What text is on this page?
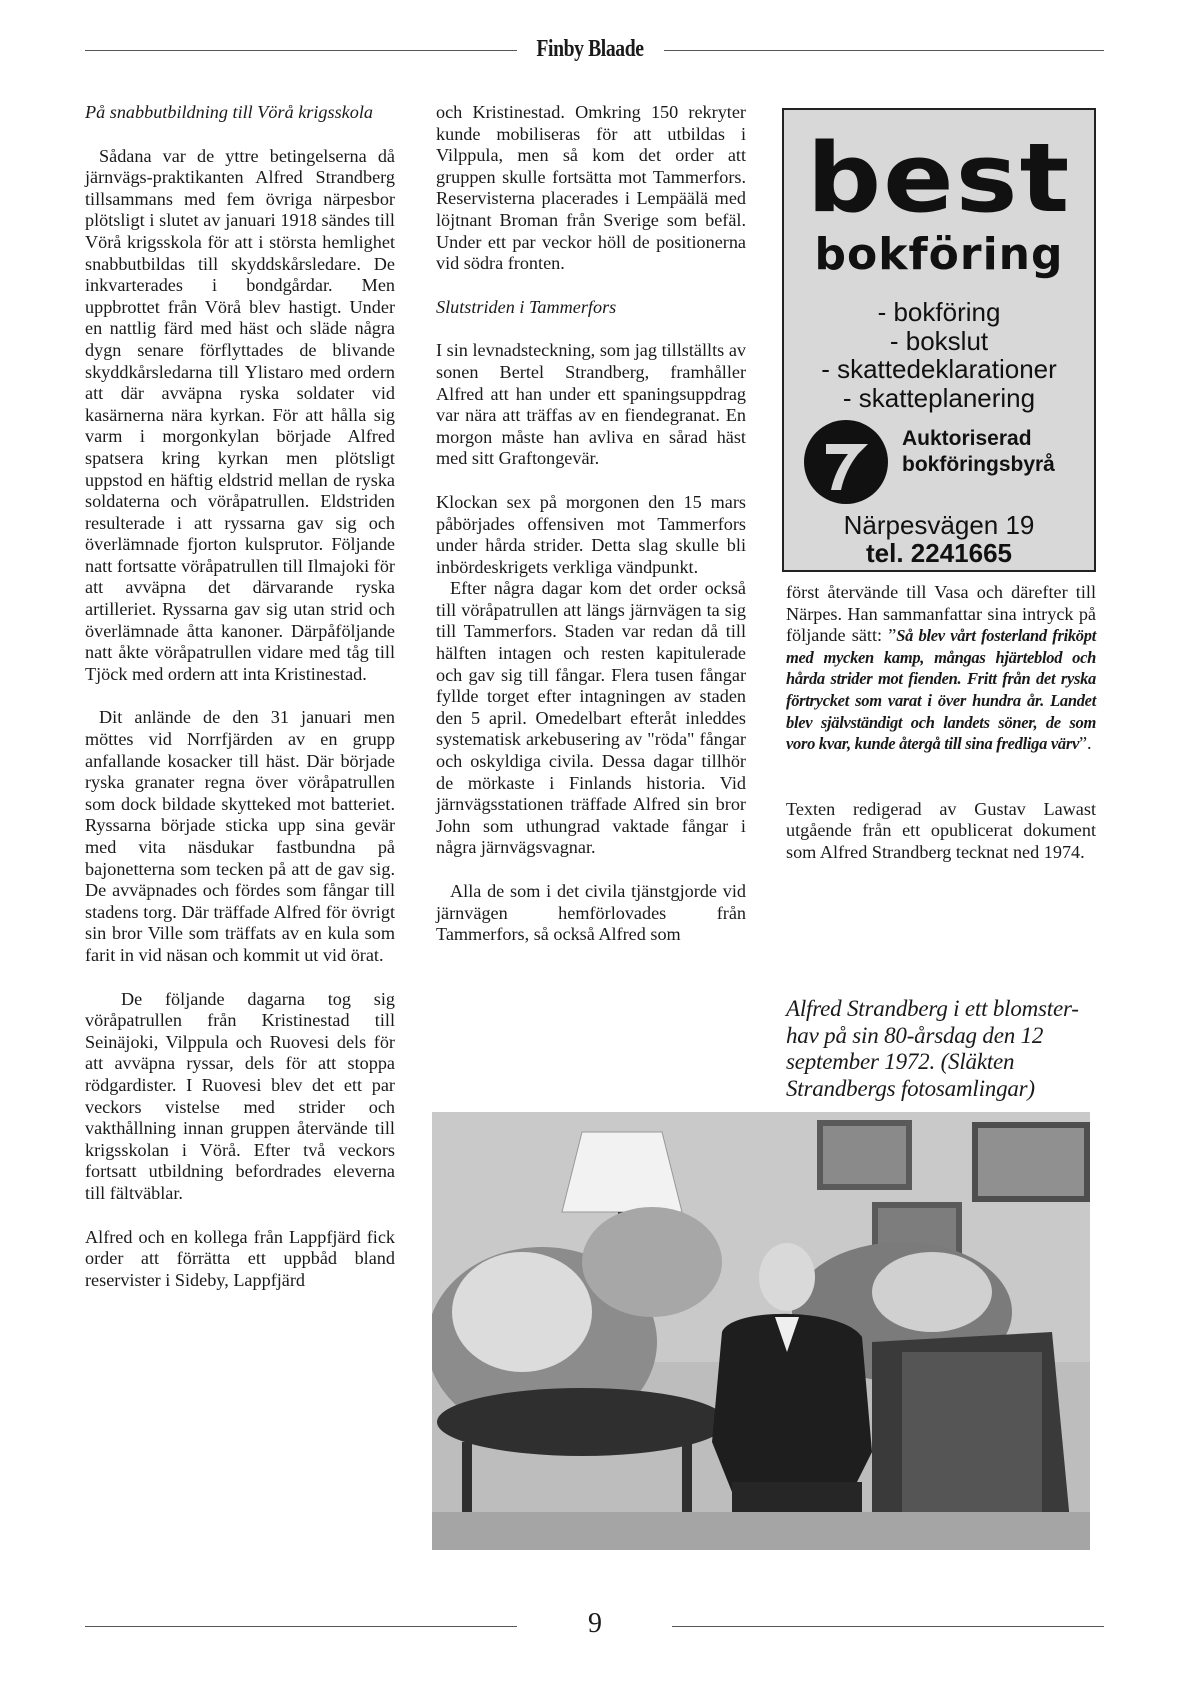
Finby Blaade

På snabbutbildning till Vörå krigsskola

Sådana var de yttre betingelserna då järnvägs-praktikanten Alfred Strandberg tillsammans med fem övriga närpesbor plötsligt i slutet av januari 1918 sändes till Vörå krigsskola för att i största hemlighet snabbutbildas till skyddskårsledare. De inkvarterades i bondgårdar. Men uppbrottet från Vörå blev hastigt. Under en nattlig färd med häst och släde några dygn senare förflyttades de blivande skyddkårsledarna till Ylistaro med ordern att där avväpna ryska soldater vid kasärnerna nära kyrkan. För att hålla sig varm i morgonkylan började Alfred spatsera kring kyrkan men plötsligt uppstod en häftig eldstrid mellan de ryska soldaterna och vöråpatrullen. Eldstriden resulterade i att ryssarna gav sig och överlämnade fjorton kulsprutor. Följande natt fortsatte vöråpatrullen till Ilmajoki för att avväpna det därvarande ryska artilleriet. Ryssarna gav sig utan strid och överlämnade åtta kanoner. Därpåföljande natt åkte vöråpatrullen vidare med tåg till Tjöck med ordern att inta Kristinestad.

Dit anlände de den 31 januari men möttes vid Norrfjärden av en grupp anfallande kosacker till häst. Där började ryska granater regna över vöråpatrullen som dock bildade skytteked mot batteriet. Ryssarna började sticka upp sina gevär med vita näsdukar fastbundna på bajonetterna som tecken på att de gav sig. De avväpnades och fördes som fångar till stadens torg. Där träffade Alfred för övrigt sin bror Ville som träffats av en kula som farit in vid näsan och kommit ut vid örat.

De följande dagarna tog sig vöråpatrullen från Kristinestad till Seinäjoki, Vilppula och Ruovesi dels för att avväpna ryssar, dels för att stoppa rödgardister. I Ruovesi blev det ett par veckors vistelse med strider och vakthållning innan gruppen återvände till krigsskolan i Vörå. Efter två veckors fortsatt utbildning befordrades eleverna till fältväblar.

Alfred och en kollega från Lappfjärd fick order att förrätta ett uppbåd bland reservister i Sideby, Lappfjärd

och Kristinestad. Omkring 150 rekryter kunde mobiliseras för att utbildas i Vilppula, men så kom det order att gruppen skulle fortsätta mot Tammerfors. Reservisterna placerades i Lempäälä med löjtnant Broman från Sverige som befäl. Under ett par veckor höll de positionerna vid södra fronten.

Slutstriden i Tammerfors

I sin levnadsteckning, som jag tillställts av sonen Bertel Strandberg, framhåller Alfred att han under ett spaningsuppdrag var nära att träffas av en fiendegranat. En morgon måste han avliva en sårad häst med sitt Graftongevär.

Klockan sex på morgonen den 15 mars påbörjades offensiven mot Tammerfors under hårda strider. Detta slag skulle bli inbördeskrigets verkliga vändpunkt.

Efter några dagar kom det order också till vöråpatrullen att längs järnvägen ta sig till Tammerfors. Staden var redan då till hälften intagen och resten kapitulerade och gav sig till fångar. Flera tusen fångar fyllde torget efter intagningen av staden den 5 april. Omedelbart efteråt inleddes systematisk arkebusering av "röda" fångar och oskyldiga civila. Dessa dagar tillhör de mörkaste i Finlands historia. Vid järnvägsstationen träffade Alfred sin bror John som uthungrad vaktade fångar i några järnvägsvagnar.

Alla de som i det civila tjänstgjorde vid järnvägen hemförlovades från Tammerfors, så också Alfred som

best
bokföring
- bokföring
- bokslut
- skattedeklarationer
- skatteplanering
Auktoriserad
bokföringsbyrå
Närpesvägen 19
tel. 2241665

först återvände till Vasa och därefter till Närpes. Han sammanfattar sina intryck på följande sätt: ”Så blev vårt fosterland friköpt med mycken kamp, mångas hjärteblod och hårda strider mot fienden. Fritt från det ryska förtrycket som varat i över hundra år. Landet blev självständigt och landets söner, de som voro kvar, kunde återgå till sina fredliga värv”.

Texten redigerad av Gustav Lawast utgående från ett opublicerat dokument som Alfred Strandberg tecknat ned 1974.

Alfred Strandberg i ett blomster-hav på sin 80-årsdag den 12 september 1972. (Släkten Strandbergs fotosamlingar)
9
